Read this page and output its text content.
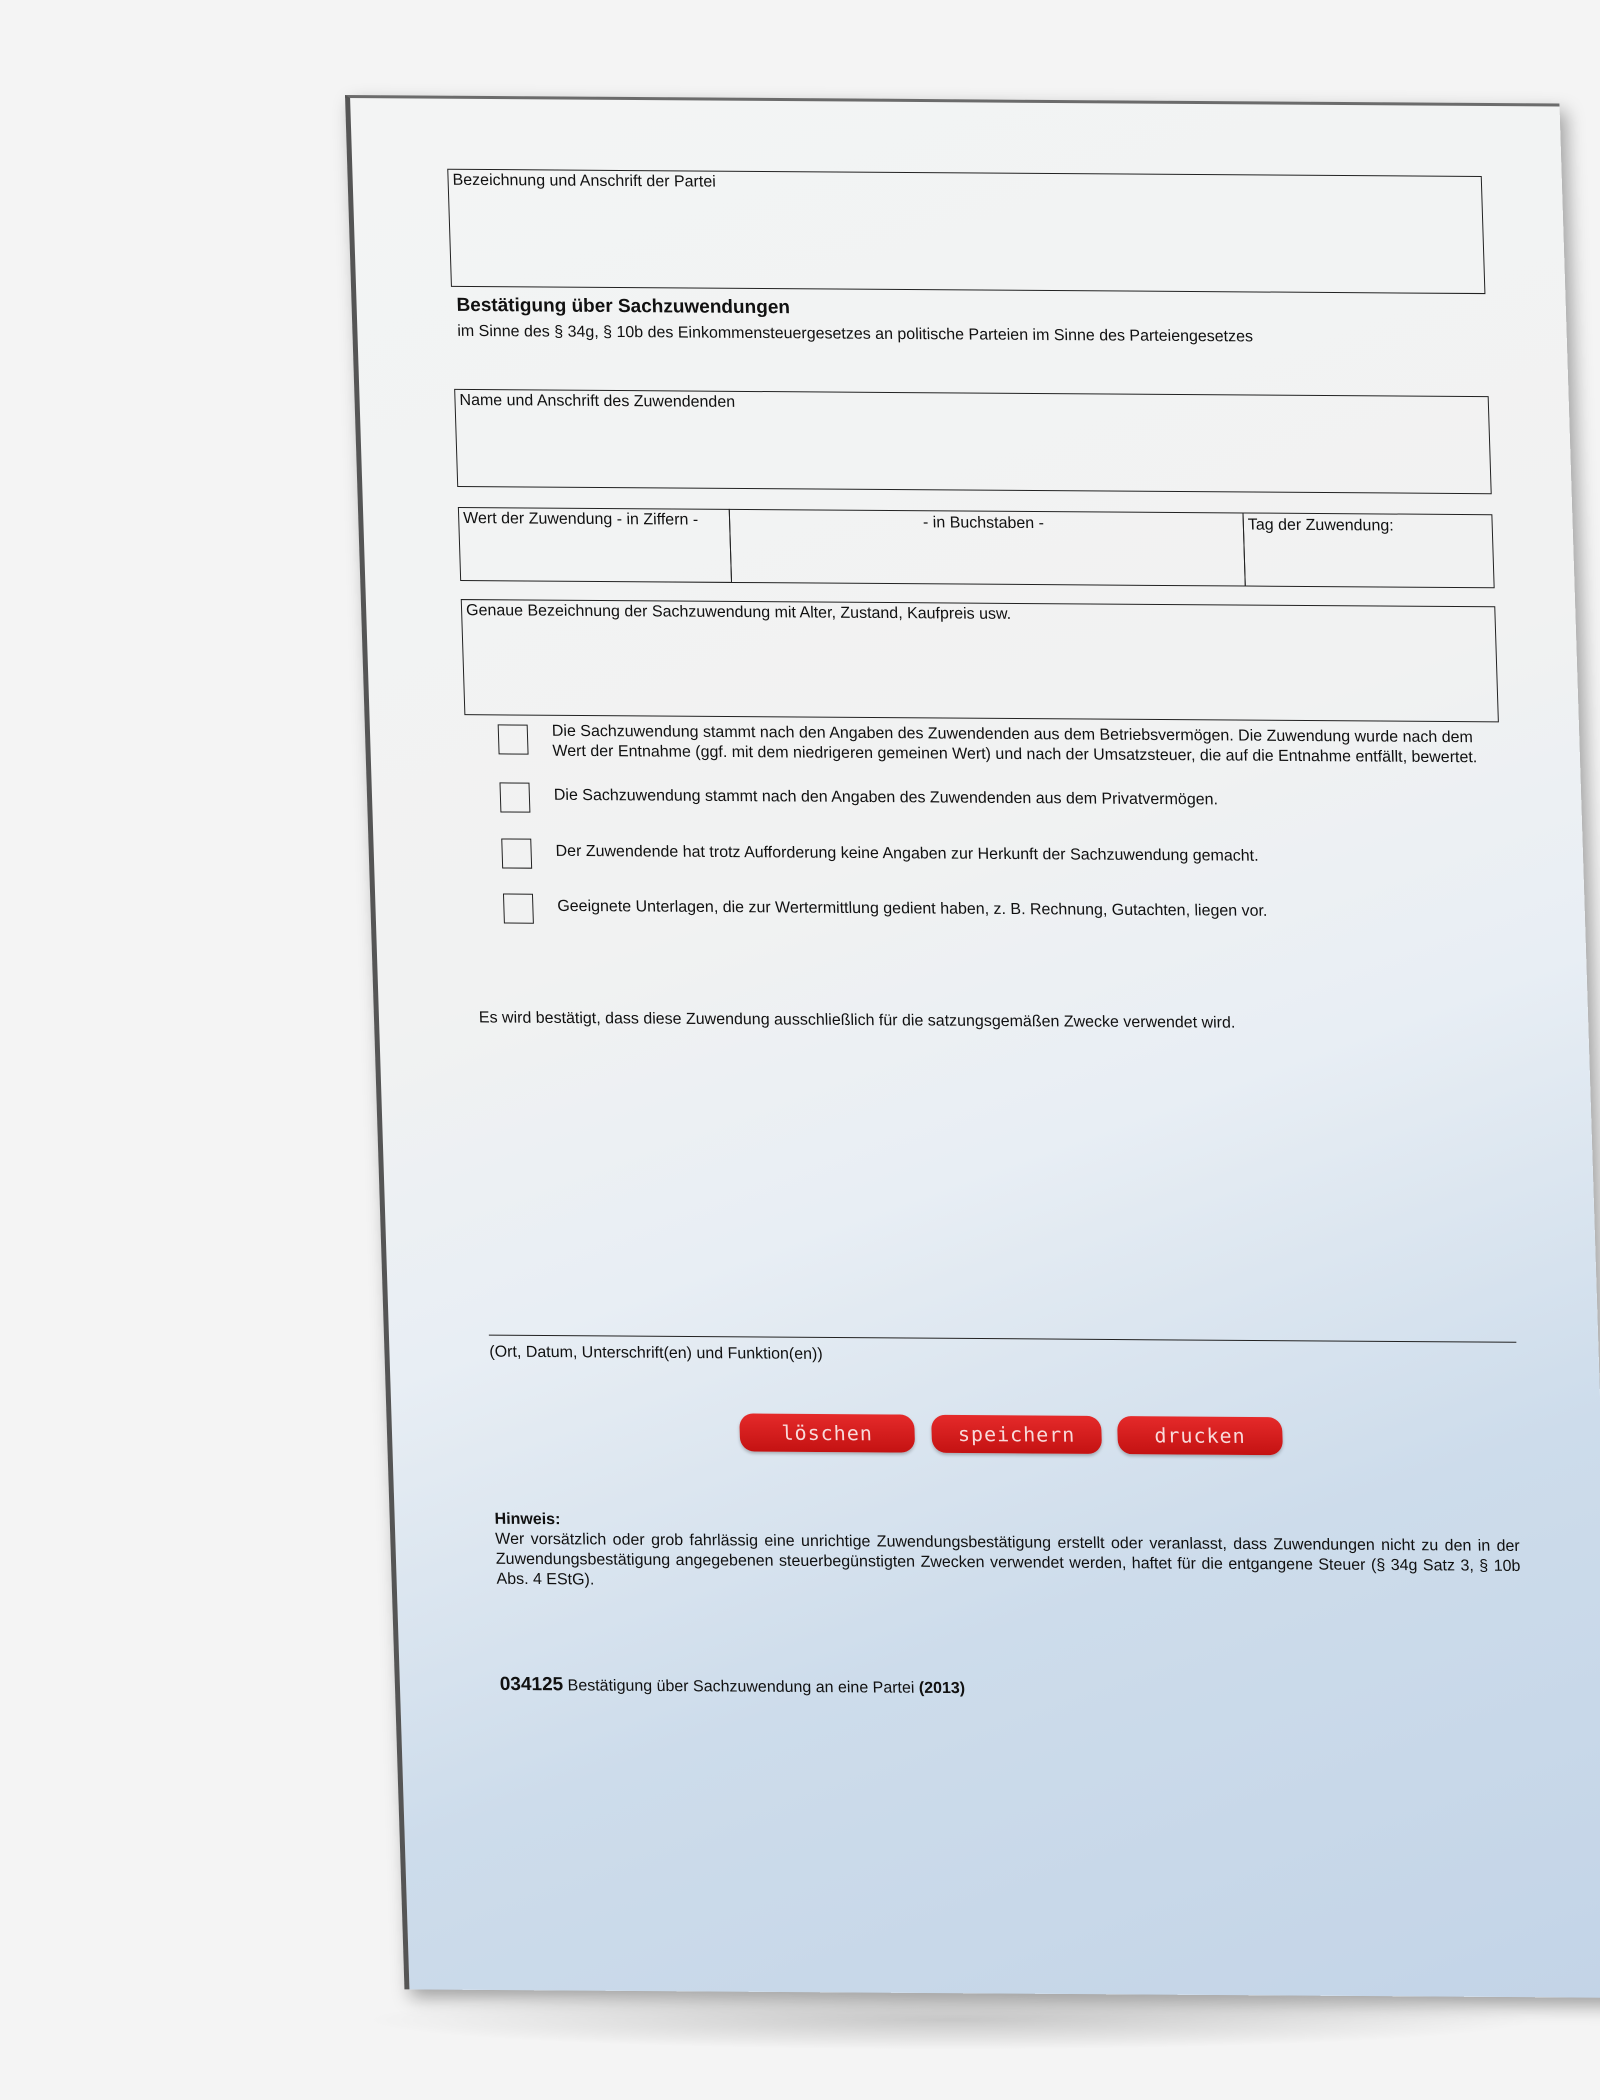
Bezeichnung und Anschrift der Partei
Bestätigung über Sachzuwendungen
im Sinne des § 34g, § 10b des Einkommensteuergesetzes an politische Parteien im Sinne des Parteiengesetzes
Name und Anschrift des Zuwendenden
Wert der Zuwendung - in Ziffern -	- in Buchstaben -	Tag der Zuwendung:
Genaue Bezeichnung der Sachzuwendung mit Alter, Zustand, Kaufpreis usw.
Die Sachzuwendung stammt nach den Angaben des Zuwendenden aus dem Betriebsvermögen. Die Zuwendung wurde nach dem Wert der Entnahme (ggf. mit dem niedrigeren gemeinen Wert) und nach der Umsatzsteuer, die auf die Entnahme entfällt, bewertet.
Die Sachzuwendung stammt nach den Angaben des Zuwendenden aus dem Privatvermögen.
Der Zuwendende hat trotz Aufforderung keine Angaben zur Herkunft der Sachzuwendung gemacht.
Geeignete Unterlagen, die zur Wertermittlung gedient haben, z. B. Rechnung, Gutachten, liegen vor.
Es wird bestätigt, dass diese Zuwendung ausschließlich für die satzungsgemäßen Zwecke verwendet wird.
(Ort, Datum, Unterschrift(en) und Funktion(en))
löschen	speichern	drucken
Hinweis:
Wer vorsätzlich oder grob fahrlässig eine unrichtige Zuwendungsbestätigung erstellt oder veranlasst, dass Zuwendungen nicht zu den in der Zuwendungsbestätigung angegebenen steuerbegünstigten Zwecken verwendet werden, haftet für die entgangene Steuer (§ 34g Satz 3, § 10b Abs. 4 EStG).
034125 Bestätigung über Sachzuwendung an eine Partei (2013)
